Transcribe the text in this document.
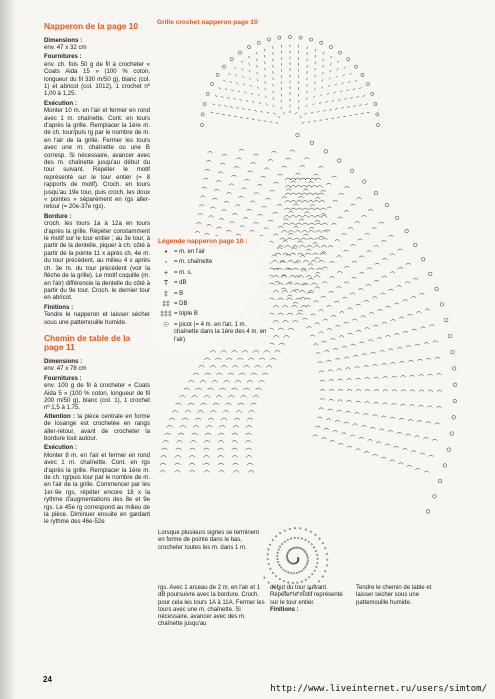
Napperon de la page 10
Dimensions :
env. 47 x 32 cm
Fournitures :
env. ch. fois 50 g de fil à crocheter « Coats Aida 15 » (100 % coton, longueur du fil 330 m/50 g), blanc (col. 1) et abricot (col. 1012), 1 crochet nº 1,00 à 1,25.
Exécution :
Monter 10 m. en l'air et fermer en rond avec 1 m. chaînette. Cont. en tours d'après la grille. Remplacer la 1ère m. de ch. tour/puis rg par le nombre de m. en l'air de la grille. Fermer les tours avec une m. chaînette ou une B corresp. Si nécessaire, avancer avec des m. chaînette jusqu'au début du tour suivant. Répéter le motif représenté sur le tour entier (= 8 rapports de motif). Croch. en tours jusqu'au 19e tour, puis croch. les doux « pointes » séparément en rgs aller-retour (= 20e-37e rgs).
Bordure :
croch. les tours 1a à 12a en tours d'après la grille. Répéter constamment le motif sur le tour entier ; au 3e tour, à partir de la dentelle, piquer à ch. côté à partir de la pointe 11 x après ch. 4e m. du tour précédent, au milieu 4 x après ch. 3e m. du tour précédent (voir la flèche de la grille). Le motif coquille (m. en l'air) différencie la dentelle du côté à partir du 9e tour. Croch. le dernier tour en abricot.
Finitions :
Tendre le napperon et laisser sécher sous une pattemouille humide.
Chemin de table de la page 11
Dimensions :
env. 47 x 78 cm
Fournitures :
env. 100 g de fil à crocheter « Coats Aida 5 » (100 % coton, longueur de fil 200 m/50 g), blanc (col. 1), 1 crochet nº 1,5 à 1,75.
Attention : la pièce centrale en forme de losange est crochetée en rangs aller-retour, avant de crocheter la bordure tout autour.
Exécution :
Monter 8 m. en l'air et fermer en rond avec 1 m. chaînette. Cont. en rgs d'après la grille. Remplacer la 1ère m. de ch. rg/puis tour par le nombre de m. en l'air de la grille. Commencer par les 1er-9e rgs, répéter encore 18 x la rythme d'augmentations des 8e et 9e rgs. Le 45e rg correspond au milieu de la pièce. Diminuer ensuite en gardant le rythme des 46e-52e
Grille crochet napperon page 10
Légende napperon page 10 :
•	= m. en l'air
◦	= m. chaînette
+ = m. s.
T = dB
‡	= B
‡‡ = DB
‡‡‡ = triple B
☉ = picot (= 4 m. en l'air, 1 m. chaînette dans la 1ère des 4 m. en l'air)
Lorsque plusieurs signes se terminent en forme de pointe dans le bas, crocheter toutes les m. dans 1 m.
rgs. Avec 1 arceau de 2 m. en l'air et 1 dB poursuivre avec la bordure. Croch. pour cela les tours 1A à 11A. Fermer les tours avec une m. chaînette. Si nécessaire, avancer avec des m. chaînette jusqu'au
début du tour suivant. Répéter le motif représenté sur le tour entier.
Finitions :
Tendre le chemin de table et laisser sécher sous une pattemouille humide.
24
http://www.liveinternet.ru/users/simtom/
